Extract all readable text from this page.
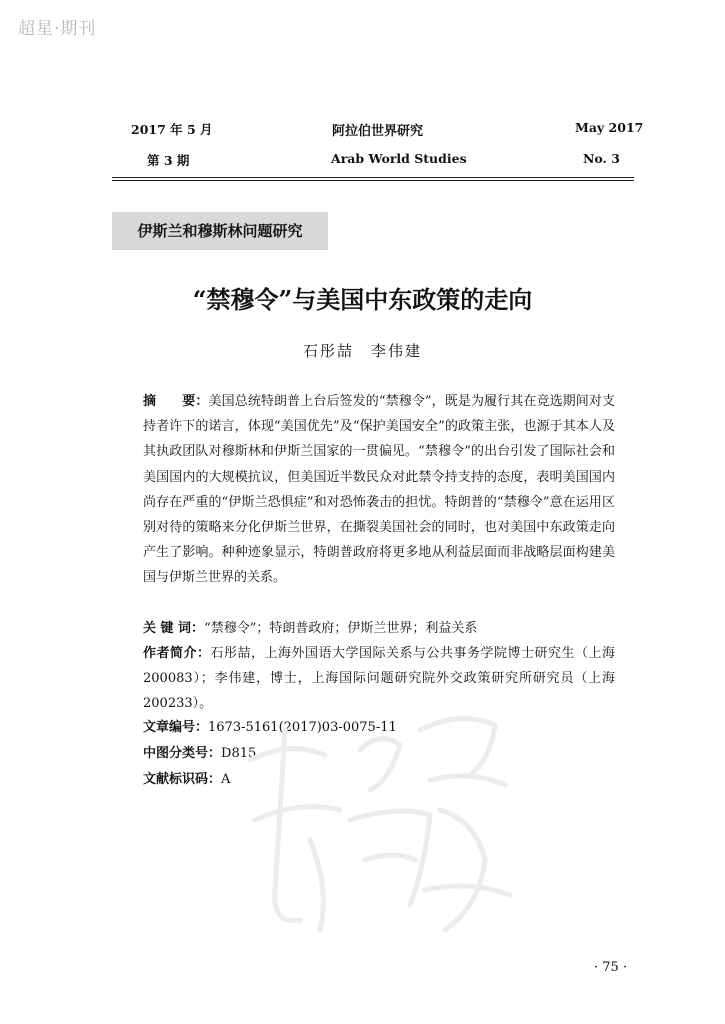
超星·期刊
2017 年 5 月	阿拉伯世界研究	May 2017
第 3 期	Arab World Studies	No. 3
伊斯兰和穆斯林问题研究
“禁穆令”与美国中东政策的走向
石彤喆　李伟建
摘　　要：美国总统特朗普上台后签发的“禁穆令”，既是为履行其在竞选期间对支持者许下的诺言，体现“美国优先”及“保护美国安全”的政策主张，也源于其本人及其执政团队对穆斯林和伊斯兰国家的一贯偏见。“禁穆令”的出台引发了国际社会和美国国内的大规模抗议，但美国近半数民众对此禁令持支持的态度，表明美国国内尚存在严重的“伊斯兰恐惧症”和对恐怖袭击的担忧。特朗普的“禁穆令”意在运用区别对待的策略来分化伊斯兰世界，在撕裂美国社会的同时，也对美国中东政策走向产生了影响。种种迹象显示，特朗普政府将更多地从利益层面而非战略层面构建美国与伊斯兰世界的关系。
关 键 词：“禁穆令”；特朗普政府；伊斯兰世界；利益关系
作者简介：石彤喆，上海外国语大学国际关系与公共事务学院博士研究生（上海 200083）；李伟建，博士，上海国际问题研究院外交政策研究所研究员（上海 200233）。
文章编号：1673-5161(2017)03-0075-11
中图分类号：D815
文献标识码：A
· 75 ·
